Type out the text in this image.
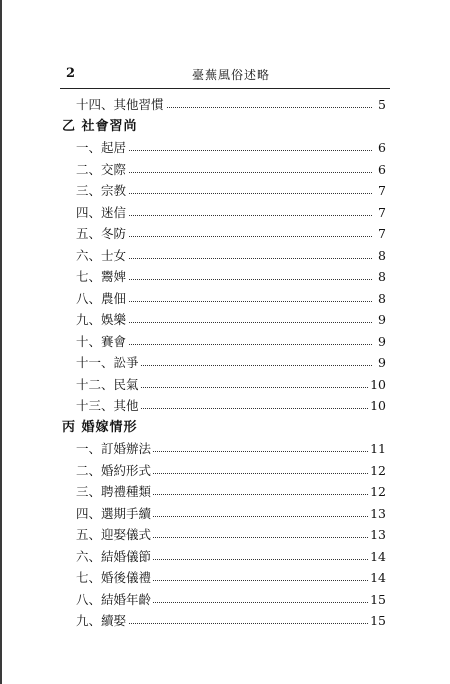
2	臺蕪風俗述略
十四、其他習慣	5
乙 社會習尚
一、起居	6
二、交際	6
三、宗教	7
四、迷信	7
五、冬防	7
六、士女	8
七、鬻婢	8
八、農佃	8
九、娛樂	9
十、賽會	9
十一、訟爭	9
十二、民氣	10
十三、其他	10
丙 婚嫁情形
一、訂婚辦法	11
二、婚約形式	12
三、聘禮種類	12
四、選期手續	13
五、迎娶儀式	13
六、結婚儀節	14
七、婚後儀禮	14
八、結婚年齡	15
九、續娶	15
